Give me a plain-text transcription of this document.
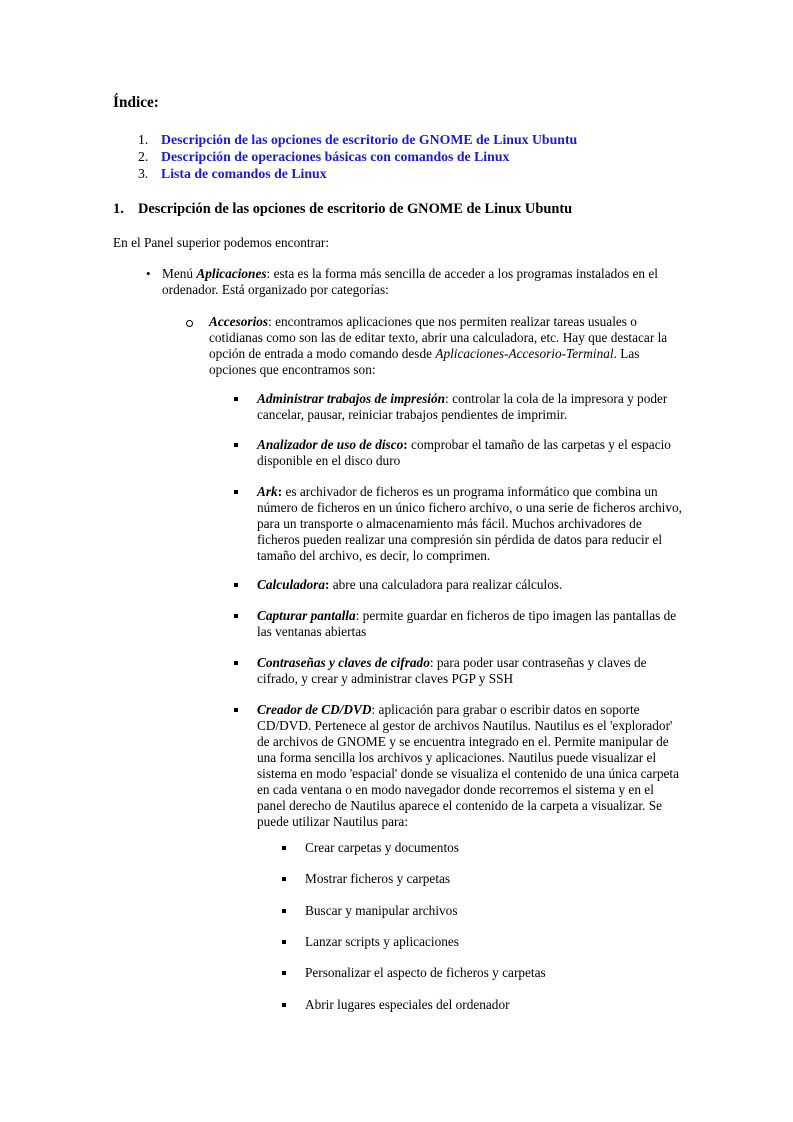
Índice:
1. Descripción de las opciones de escritorio de GNOME de Linux Ubuntu
2. Descripción de operaciones básicas con comandos de Linux
3. Lista de comandos de Linux
1. Descripción de las opciones de escritorio de GNOME de Linux Ubuntu
En el Panel superior podemos encontrar:
• Menú Aplicaciones: esta es la forma más sencilla de acceder a los programas instalados en el ordenador. Está organizado por categorías:
Accesorios: encontramos aplicaciones que nos permiten realizar tareas usuales o cotidianas como son las de editar texto, abrir una calculadora, etc. Hay que destacar la opción de entrada a modo comando desde Aplicaciones-Accesorio-Terminal. Las opciones que encontramos son:
Administrar trabajos de impresión: controlar la cola de la impresora y poder cancelar, pausar, reiniciar trabajos pendientes de imprimir.
Analizador de uso de disco: comprobar el tamaño de las carpetas y el espacio disponible en el disco duro
Ark: es archivador de ficheros es un programa informático que combina un número de ficheros en un único fichero archivo, o una serie de ficheros archivo, para un transporte o almacenamiento más fácil. Muchos archivadores de ficheros pueden realizar una compresión sin pérdida de datos para reducir el tamaño del archivo, es decir, lo comprimen.
Calculadora: abre una calculadora para realizar cálculos.
Capturar pantalla: permite guardar en ficheros de tipo imagen las pantallas de las ventanas abiertas
Contraseñas y claves de cifrado: para poder usar contraseñas y claves de cifrado, y crear y administrar claves PGP y SSH
Creador de CD/DVD: aplicación para grabar o escribir datos en soporte CD/DVD. Pertenece al gestor de archivos Nautilus. Nautilus es el 'explorador' de archivos de GNOME y se encuentra integrado en el. Permite manipular de una forma sencilla los archivos y aplicaciones. Nautilus puede visualizar el sistema en modo 'espacial' donde se visualiza el contenido de una única carpeta en cada ventana o en modo navegador donde recorremos el sistema y en el panel derecho de Nautilus aparece el contenido de la carpeta a visualizar. Se puede utilizar Nautilus para:
Crear carpetas y documentos
Mostrar ficheros y carpetas
Buscar y manipular archivos
Lanzar scripts y aplicaciones
Personalizar el aspecto de ficheros y carpetas
Abrir lugares especiales del ordenador
